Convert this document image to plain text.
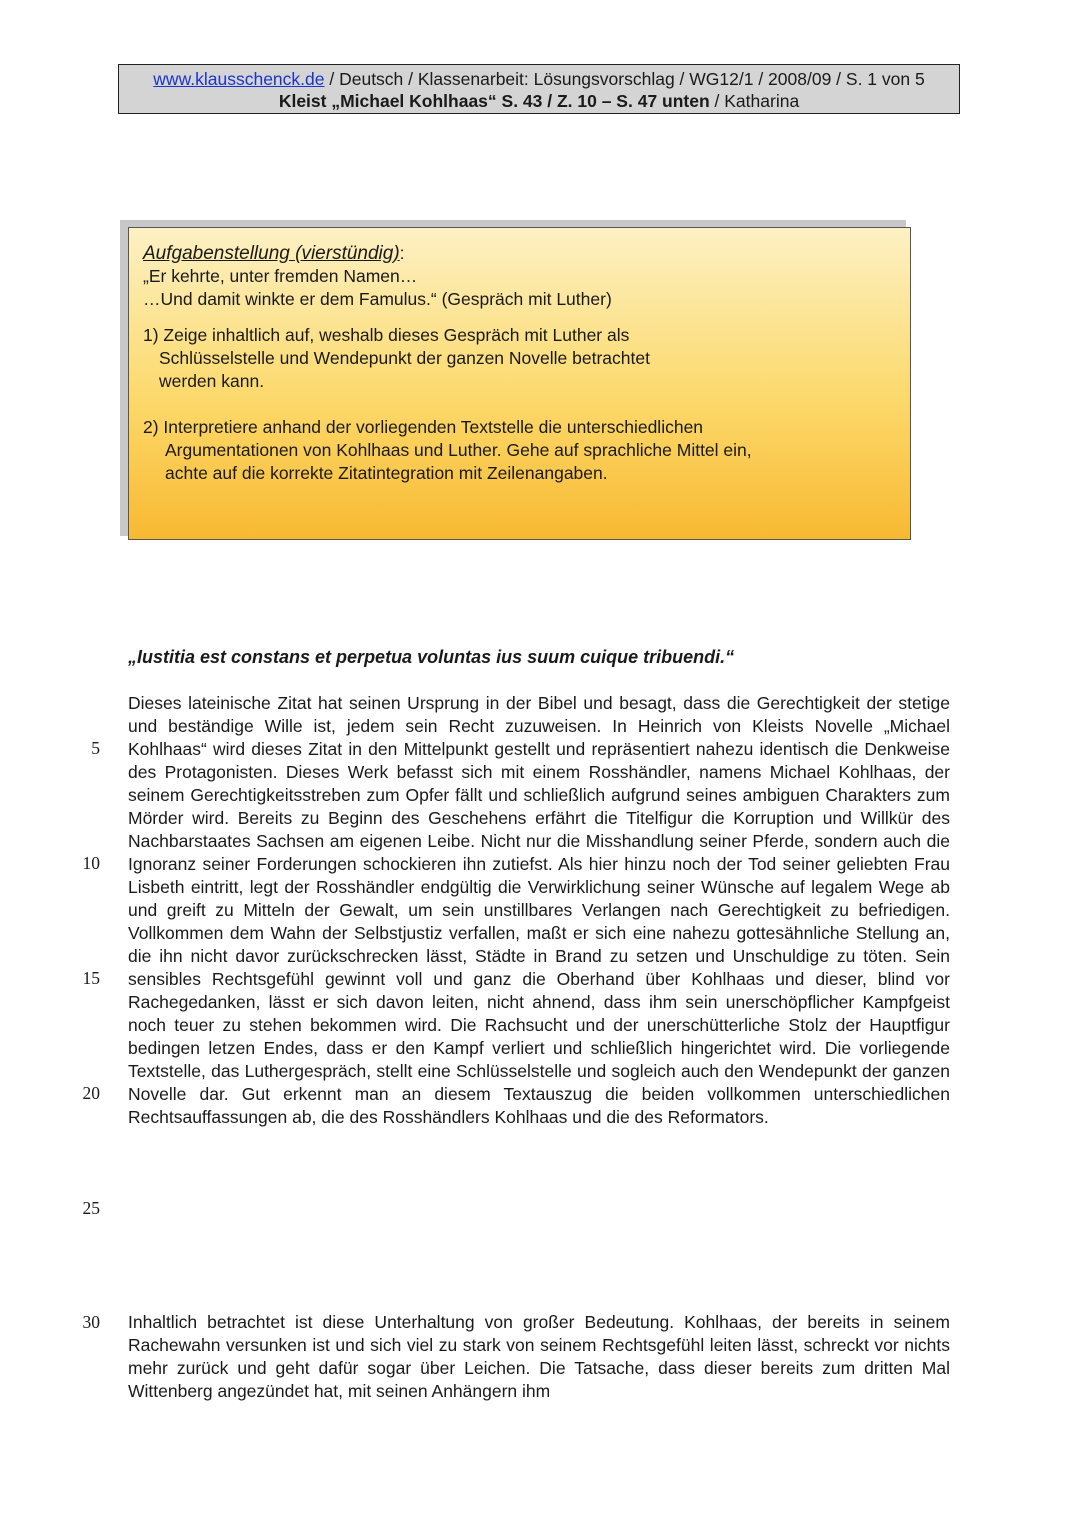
www.klausschenck.de / Deutsch / Klassenarbeit: Lösungsvorschlag / WG12/1 / 2008/09 / S. 1 von 5
Kleist „Michael Kohlhaas“ S. 43 / Z. 10 – S. 47 unten / Katharina
Aufgabenstellung (vierstündig):

„Er kehrte, unter fremden Namen…

…Und damit winkte er dem Famulus.“ (Gespräch mit Luther)

1) Zeige inhaltlich auf, weshalb dieses Gespräch mit Luther als

Schlüsselstelle und Wendepunkt der ganzen Novelle betrachtet

werden kann.

2) Interpretiere anhand der vorliegenden Textstelle die unterschiedlichen

Argumentationen von Kohlhaas und Luther. Gehe auf sprachliche Mittel ein,

achte auf die korrekte Zitatintegration mit Zeilenangaben.

„Iustitia est constans et perpetua voluntas ius suum cuique tribuendi.“
5
10
15
20
25
30

Dieses lateinische Zitat hat seinen Ursprung in der Bibel und besagt, dass die Gerechtigkeit der stetige und beständige Wille ist, jedem sein Recht zuzuweisen. In Heinrich von Kleists Novelle „Michael Kohlhaas“ wird dieses Zitat in den Mittelpunkt gestellt und repräsentiert nahezu identisch die Denkweise des Protagonisten. Dieses Werk befasst sich mit einem Rosshändler, namens Michael Kohlhaas, der seinem Gerechtigkeitsstreben zum Opfer fällt und schließlich aufgrund seines ambiguen Charakters zum Mörder wird. Bereits zu Beginn des Geschehens erfährt die Titelfigur die Korruption und Willkür des Nachbarstaates Sachsen am eigenen Leibe. Nicht nur die Misshandlung seiner Pferde, sondern auch die Ignoranz seiner Forderungen schockieren ihn zutiefst. Als hier hinzu noch der Tod seiner geliebten Frau Lisbeth eintritt, legt der Rosshändler endgültig die Verwirklichung seiner Wünsche auf legalem Wege ab und greift zu Mitteln der Gewalt, um sein unstillbares Verlangen nach Gerechtigkeit zu befriedigen. Vollkommen dem Wahn der Selbstjustiz verfallen, maßt er sich eine nahezu gottesähnliche Stellung an, die ihn nicht davor zurückschrecken lässt, Städte in Brand zu setzen und Unschuldige zu töten. Sein sensibles Rechtsgefühl gewinnt voll und ganz die Oberhand über Kohlhaas und dieser, blind vor Rachegedanken, lässt er sich davon leiten, nicht ahnend, dass ihm sein unerschöpflicher Kampfgeist noch teuer zu stehen bekommen wird. Die Rachsucht und der unerschütterliche Stolz der Hauptfigur bedingen letzen Endes, dass er den Kampf verliert und schließlich hingerichtet wird. Die vorliegende Textstelle, das Luthergespräch, stellt eine Schlüsselstelle und sogleich auch den Wendepunkt der ganzen Novelle dar. Gut erkennt man an diesem Textauszug die beiden vollkommen unterschiedlichen Rechtsauffassungen ab, die des Rosshändlers Kohlhaas und die des Reformators.

Inhaltlich betrachtet ist diese Unterhaltung von großer Bedeutung. Kohlhaas, der bereits in seinem Rachewahn versunken ist und sich viel zu stark von seinem Rechtsgefühl leiten lässt, schreckt vor nichts mehr zurück und geht dafür sogar über Leichen. Die Tatsache, dass dieser bereits zum dritten Mal Wittenberg angezündet hat, mit seinen Anhängern ihm
